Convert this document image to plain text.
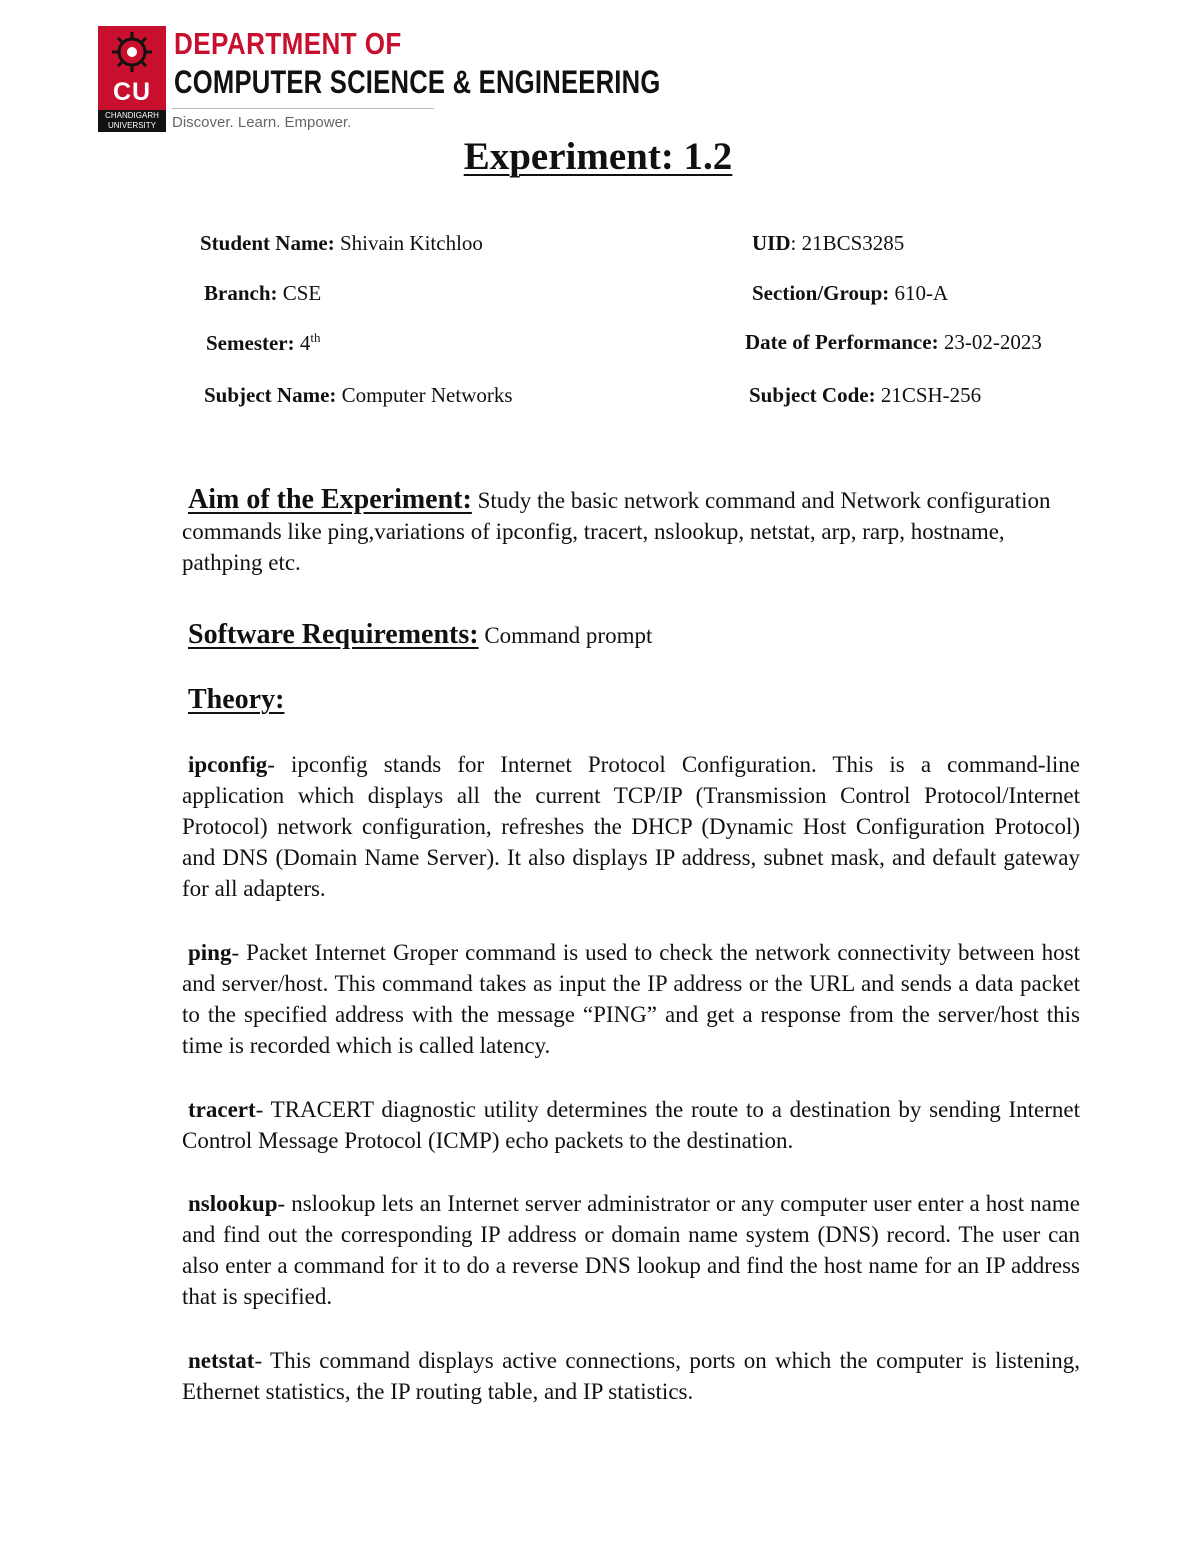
CU
CHANDIGARH UNIVERSITY
DEPARTMENT OF
COMPUTER SCIENCE & ENGINEERING
Discover. Learn. Empower.
Experiment: 1.2
Student Name: Shivain Kitchloo	UID: 21BCS3285
Branch: CSE	Section/Group: 610-A
Semester: 4th	Date of Performance: 23-02-2023
Subject Name: Computer Networks	Subject Code: 21CSH-256
Aim of the Experiment: Study the basic network command and Network configuration commands like ping,variations of ipconfig, tracert, nslookup, netstat, arp, rarp, hostname, pathping etc.
Software Requirements: Command prompt
Theory:
ipconfig- ipconfig stands for Internet Protocol Configuration. This is a command-line application which displays all the current TCP/IP (Transmission Control Protocol/Internet Protocol) network configuration, refreshes the DHCP (Dynamic Host Configuration Protocol) and DNS (Domain Name Server). It also displays IP address, subnet mask, and default gateway for all adapters.
ping- Packet Internet Groper command is used to check the network connectivity between host and server/host. This command takes as input the IP address or the URL and sends a data packet to the specified address with the message “PING” and get a response from the server/host this time is recorded which is called latency.
tracert- TRACERT diagnostic utility determines the route to a destination by sending Internet Control Message Protocol (ICMP) echo packets to the destination.
nslookup- nslookup lets an Internet server administrator or any computer user enter a host name and find out the corresponding IP address or domain name system (DNS) record. The user can also enter a command for it to do a reverse DNS lookup and find the host name for an IP address that is specified.
netstat- This command displays active connections, ports on which the computer is listening, Ethernet statistics, the IP routing table, and IP statistics.
